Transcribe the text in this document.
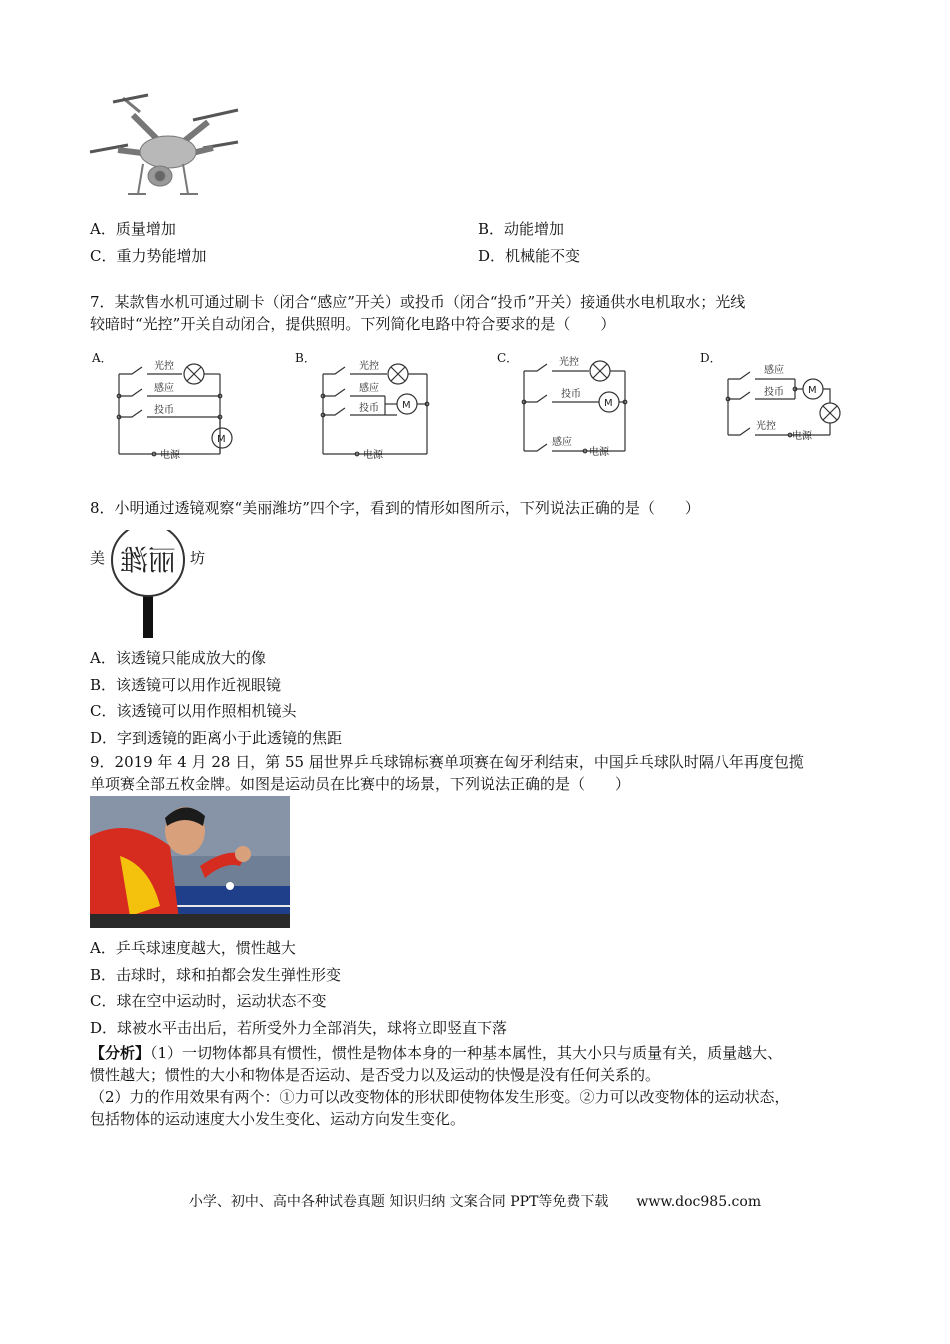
A．质量增加	B．动能增加
C．重力势能增加	D．机械能不变
7．某款售水机可通过刷卡（闭合“感应”开关）或投币（闭合“投币”开关）接通供水电机取水；光线
较暗时“光控”开关自动闭合，提供照明。下列简化电路中符合要求的是（　　）
A．
光控
感应
投币
电源
M
B．
光控
感应
投币
电源
M
C．	光控
投币
感应
电源
M
D．
感应
投币
光控
电源
M
8．小明通过透镜观察“美丽潍坊”四个字，看到的情形如图所示，下列说法正确的是（　　）
美	坊
丽潍
A．该透镜只能成放大的像
B．该透镜可以用作近视眼镜
C．该透镜可以用作照相机镜头
D．字到透镜的距离小于此透镜的焦距
9．2019 年 4 月 28 日，第 55 届世界乒乓球锦标赛单项赛在匈牙利结束，中国乒乓球队时隔八年再度包揽
单项赛全部五枚金牌。如图是运动员在比赛中的场景，下列说法正确的是（　　）
A．乒乓球速度越大，惯性越大
B．击球时，球和拍都会发生弹性形变
C．球在空中运动时，运动状态不变
D．球被水平击出后，若所受外力全部消失，球将立即竖直下落
【分析】（1）一切物体都具有惯性，惯性是物体本身的一种基本属性，其大小只与质量有关，质量越大、
惯性越大；惯性的大小和物体是否运动、是否受力以及运动的快慢是没有任何关系的。
（2）力的作用效果有两个：①力可以改变物体的形状即使物体发生形变。②力可以改变物体的运动状态，
包括物体的运动速度大小发生变化、运动方向发生变化。
小学、初中、高中各种试卷真题 知识归纳 文案合同 PPT等免费下载　　www.doc985.com
